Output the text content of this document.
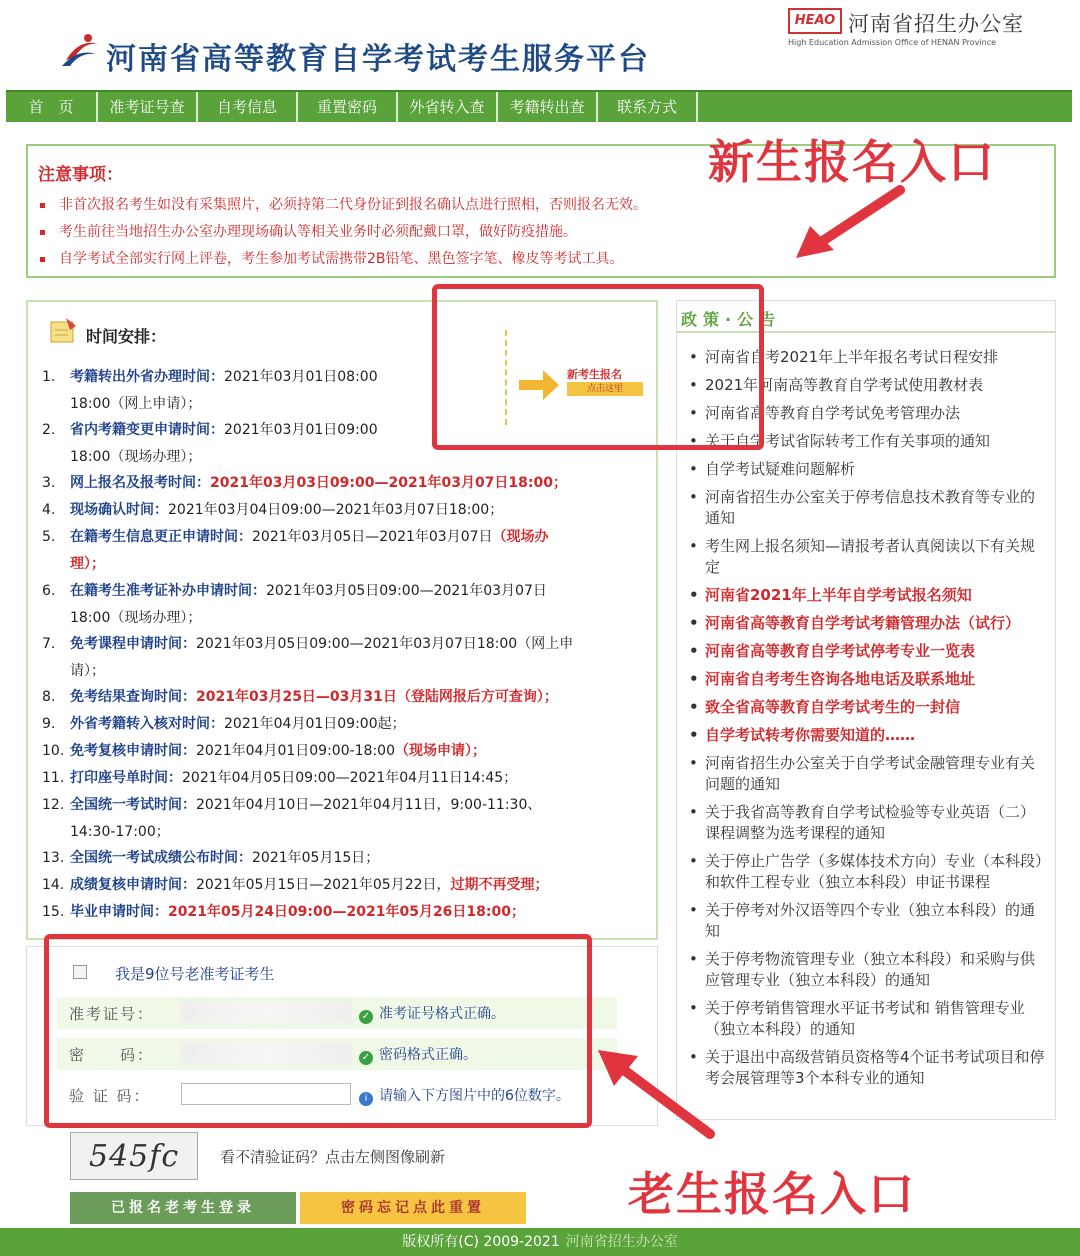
河南省高等教育自学考试考生服务平台
HEAO 河南省招生办公室
High Education Admission Office of HENAN Province
首　页	准考证号查	自考信息	重置密码	外省转入查	考籍转出查	联系方式
注意事项：
非首次报名考生如没有采集照片，必须持第二代身份证到报名确认点进行照相，否则报名无效。
考生前往当地招生办公室办理现场确认等相关业务时必须配戴口罩，做好防疫措施。
自学考试全部实行网上评卷，考生参加考试需携带2B铅笔、黑色签字笔、橡皮等考试工具。
时间安排：
1. 考籍转出外省办理时间：2021年03月01日08:00
18:00（网上申请）；
2. 省内考籍变更申请时间：2021年03月01日09:00
18:00（现场办理）；
3. 网上报名及报考时间：2021年03月03日09:00—2021年03月07日18:00；
4. 现场确认时间：2021年03月04日09:00—2021年03月07日18:00；
5. 在籍考生信息更正申请时间：2021年03月05日—2021年03月07日（现场办
理）；
6. 在籍考生准考证补办申请时间：2021年03月05日09:00—2021年03月07日
18:00（现场办理）；
7. 免考课程申请时间：2021年03月05日09:00—2021年03月07日18:00（网上申
请）；
8. 免考结果查询时间：2021年03月25日—03月31日（登陆网报后方可查询）；
9. 外省考籍转入核对时间：2021年04月01日09:00起；
10. 免考复核申请时间：2021年04月01日09:00-18:00（现场申请）；
11. 打印座号单时间：2021年04月05日09:00—2021年04月11日14:45；
12. 全国统一考试时间：2021年04月10日—2021年04月11日，9:00-11:30、
14:30-17:00；
13. 全国统一考试成绩公布时间：2021年05月15日；
14. 成绩复核申请时间：2021年05月15日—2021年05月22日，过期不再受理；
15. 毕业申请时间：2021年05月24日09:00—2021年05月26日18:00；
新考生报名
点击这里
政策·公告
• 河南省自考2021年上半年报名考试日程安排
• 2021年河南高等教育自学考试使用教材表
• 河南省高等教育自学考试免考管理办法
• 关于自学考试省际转考工作有关事项的通知
• 自学考试疑难问题解析
• 河南省招生办公室关于停考信息技术教育等专业的通知
• 考生网上报名须知—请报考者认真阅读以下有关规定
• 河南省2021年上半年自学考试报名须知
• 河南省高等教育自学考试考籍管理办法（试行）
• 河南省高等教育自学考试停考专业一览表
• 河南省自考考生咨询各地电话及联系地址
• 致全省高等教育自学考试考生的一封信
• 自学考试转考你需要知道的……
• 河南省招生办公室关于自学考试金融管理专业有关问题的通知
• 关于我省高等教育自学考试检验等专业英语（二）课程调整为选考课程的通知
• 关于停止广告学（多媒体技术方向）专业（本科段）和软件工程专业（独立本科段）申证书课程
• 关于停考对外汉语等四个专业（独立本科段）的通知
• 关于停考物流管理专业（独立本科段）和采购与供应管理专业（独立本科段）的通知
• 关于停考销售管理水平证书考试和 销售管理专业（独立本科段）的通知
• 关于退出中高级营销员资格等4个证书考试项目和停考会展管理等3个本科专业的通知
我是9位号老准考证考生
准考证号：	✓ 准考证号格式正确。
密　　码：	✓ 密码格式正确。
验 证 码：	i 请输入下方图片中的6位数字。
545fc	看不清验证码？点击左侧图像刷新
已报名老考生登录	密码忘记点此重置
版权所有(C) 2009-2021 河南省招生办公室
新生报名入口
老生报名入口
